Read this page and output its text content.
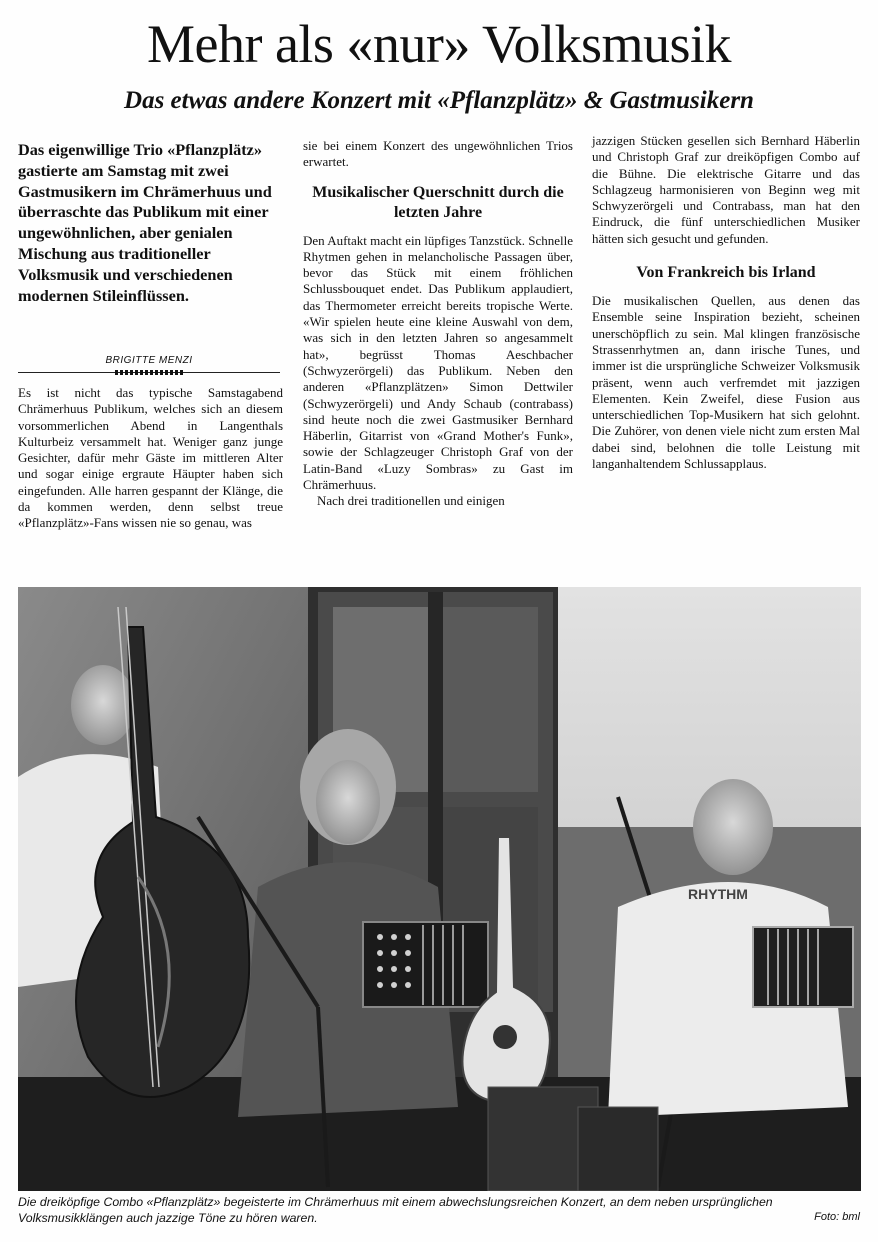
Mehr als «nur» Volksmusik
Das etwas andere Konzert mit «Pflanzplätz» & Gastmusikern

Das eigenwillige Trio «Pflanzplätz» gastierte am Samstag mit zwei Gastmusikern im Chrämerhuus und überraschte das Publikum mit einer ungewöhnlichen, aber genialen Mischung aus traditioneller Volksmusik und verschiedenen modernen Stileinflüssen.

BRIGITTE MENZI

Es ist nicht das typische Samstagabend Chrämerhuus Publikum, welches sich an diesem vorsommerlichen Abend in Langenthals Kulturbeiz versammelt hat. Weniger ganz junge Gesichter, dafür mehr Gäste im mittleren Alter und sogar einige ergraute Häupter haben sich eingefunden. Alle harren gespannt der Klänge, die da kommen werden, denn selbst treue «Pflanzplätz»-Fans wissen nie so genau, was

sie bei einem Konzert des ungewöhnlichen Trios erwartet.

Musikalischer Querschnitt durch die letzten Jahre

Den Auftakt macht ein lüpfiges Tanzstück. Schnelle Rhytmen gehen in melancholische Passagen über, bevor das Stück mit einem fröhlichen Schlussbouquet endet. Das Publikum applaudiert, das Thermometer erreicht bereits tropische Werte. «Wir spielen heute eine kleine Auswahl von dem, was sich in den letzten Jahren so angesammelt hat», begrüsst Thomas Aeschbacher (Schwyzerörgeli) das Publikum. Neben den anderen «Pflanzplätzen» Simon Dettwiler (Schwyzerörgeli) und Andy Schaub (contrabass) sind heute noch die zwei Gastmusiker Bernhard Häberlin, Gitarrist von «Grand Mother's Funk», sowie der Schlagzeuger Christoph Graf von der Latin-Band «Luzy Sombras» zu Gast im Chrämerhuus.

Nach drei traditionellen und einigen

jazzigen Stücken gesellen sich Bernhard Häberlin und Christoph Graf zur dreiköpfigen Combo auf die Bühne. Die elektrische Gitarre und das Schlagzeug harmonisieren von Beginn weg mit Schwyzerörgeli und Contrabass, man hat den Eindruck, die fünf unterschiedlichen Musiker hätten sich gesucht und gefunden.

Von Frankreich bis Irland

Die musikalischen Quellen, aus denen das Ensemble seine Inspiration bezieht, scheinen unerschöpflich zu sein. Mal klingen französische Strassenrhytmen an, dann irische Tunes, und immer ist die ursprüngliche Schweizer Volksmusik präsent, wenn auch verfremdet mit jazzigen Elementen. Kein Zweifel, diese Fusion aus unterschiedlichen Top-Musikern hat sich gelohnt. Die Zuhörer, von denen viele nicht zum ersten Mal dabei sind, belohnen die tolle Leistung mit langanhaltendem Schlussapplaus.

RHYTHM
Die dreiköpfige Combo «Pflanzplätz» begeisterte im Chrämerhuus mit einem abwechslungsreichen Konzert, an dem neben ursprünglichen Volksmusikklängen auch jazzige Töne zu hören waren.	Foto: bml
